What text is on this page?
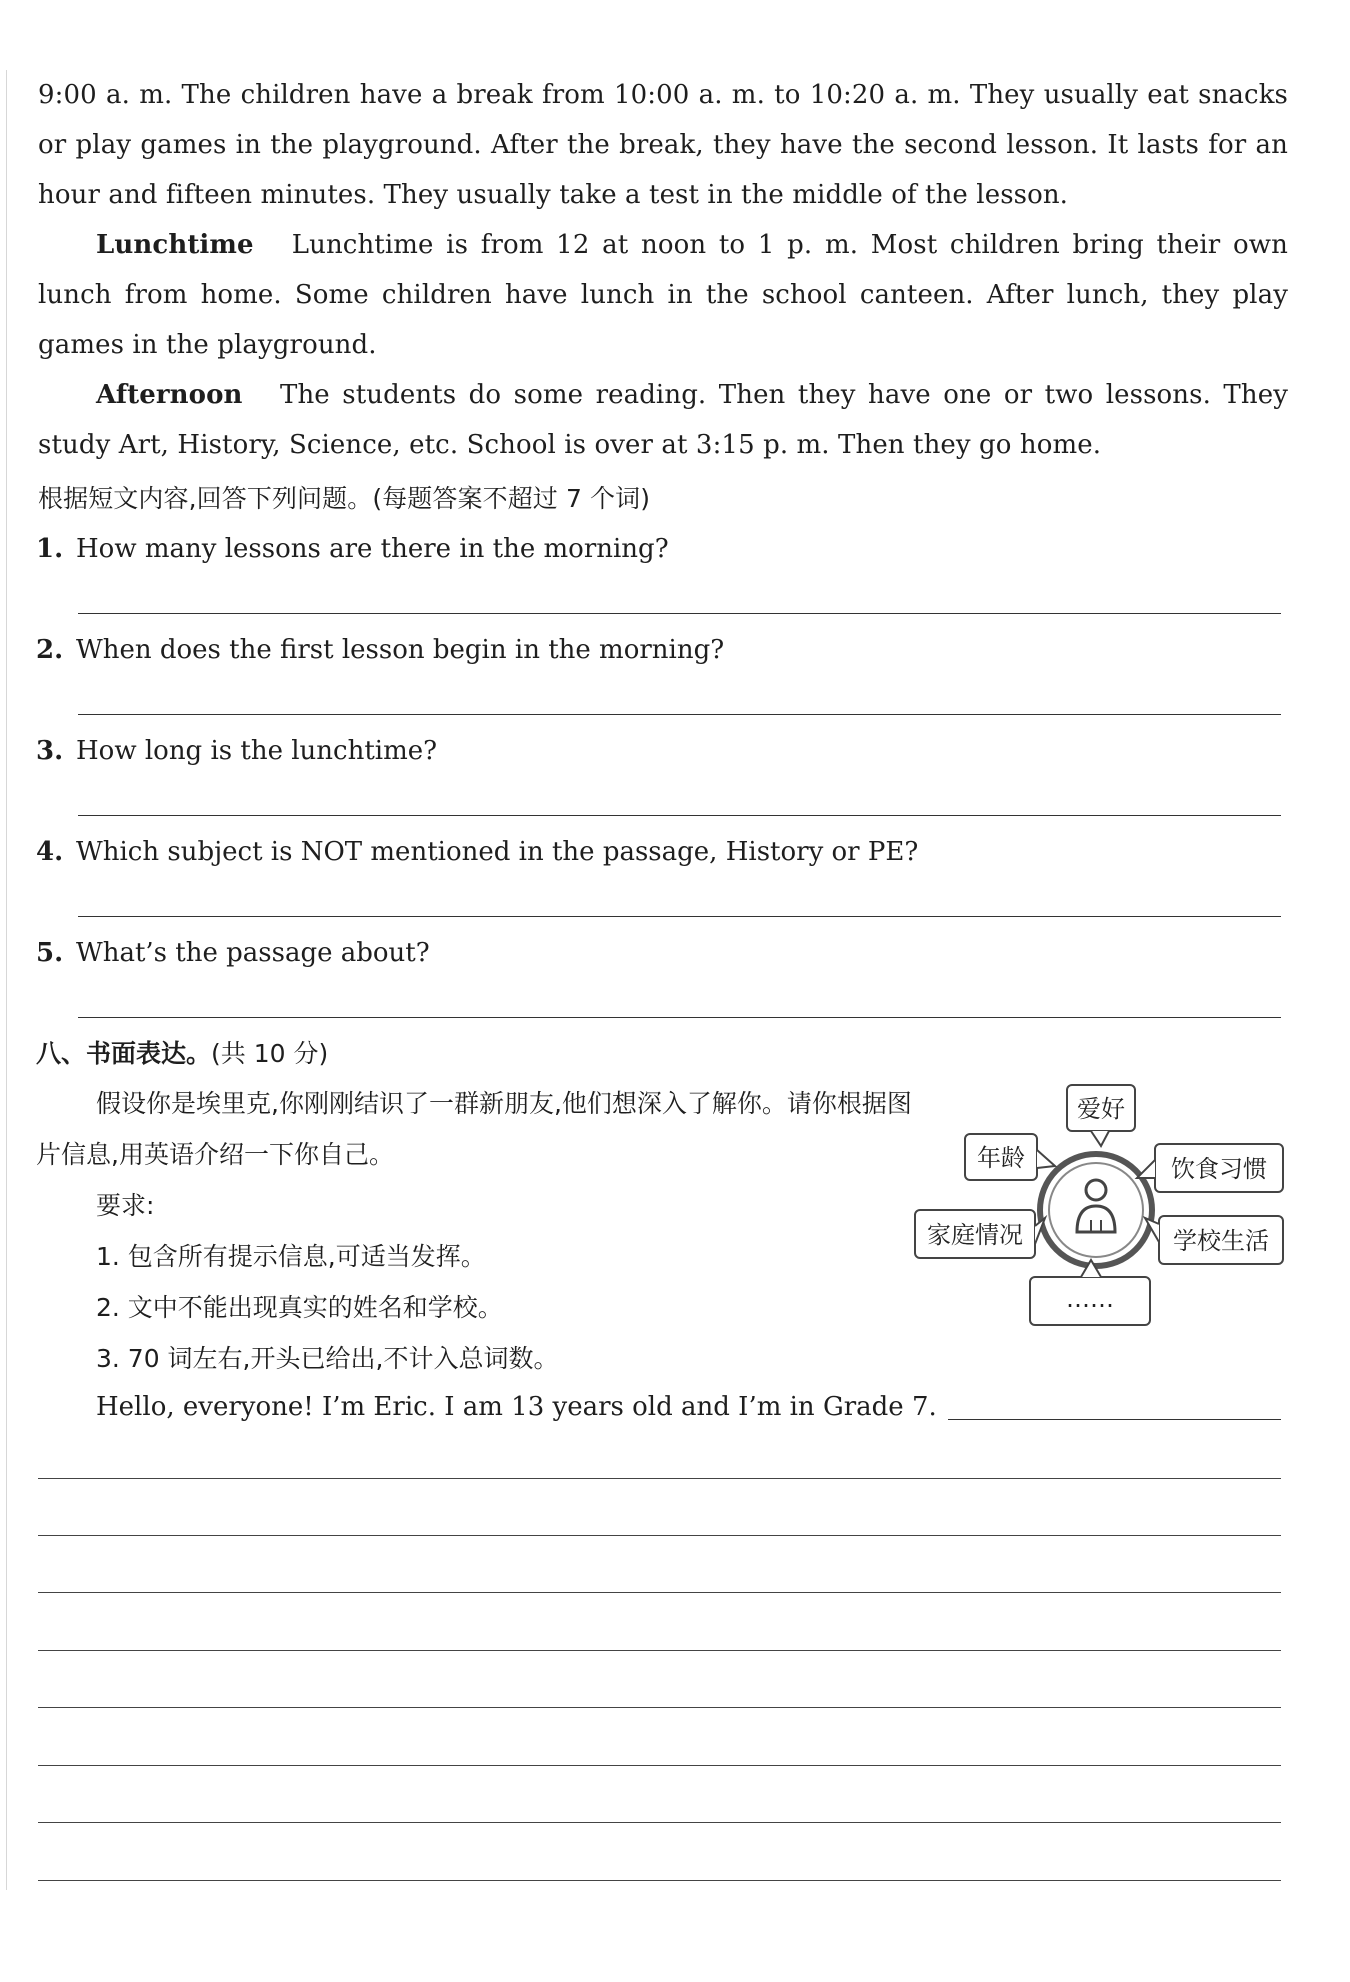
9:00 a. m. The children have a break from 10:00 a. m. to 10:20 a. m. They usually eat snacks or play games in the playground. After the break, they have the second lesson. It lasts for an hour and fifteen minutes. They usually take a test in the middle of the lesson.

Lunchtime Lunchtime is from 12 at noon to 1 p. m. Most children bring their own lunch from home. Some children have lunch in the school canteen. After lunch, they play games in the playground.

Afternoon The students do some reading. Then they have one or two lessons. They study Art, History, Science, etc. School is over at 3:15 p. m. Then they go home.

根据短文内容,回答下列问题。(每题答案不超过 7 个词)
1. How many lessons are there in the morning?
2. When does the first lesson begin in the morning?
3. How long is the lunchtime?
4. Which subject is NOT mentioned in the passage, History or PE?
5. What’s the passage about?
八、书面表达。(共 10 分)

假设你是埃里克,你刚刚结识了一群新朋友,他们想深入了解你。请你根据图片信息,用英语介绍一下你自己。

要求:

1. 包含所有提示信息,可适当发挥。

2. 文中不能出现真实的姓名和学校。

3. 70 词左右,开头已给出,不计入总词数。

爱好
年龄	饮食习惯
家庭情况	学校生活
……
Hello, everyone! I’m Eric. I am 13 years old and I’m in Grade 7.
